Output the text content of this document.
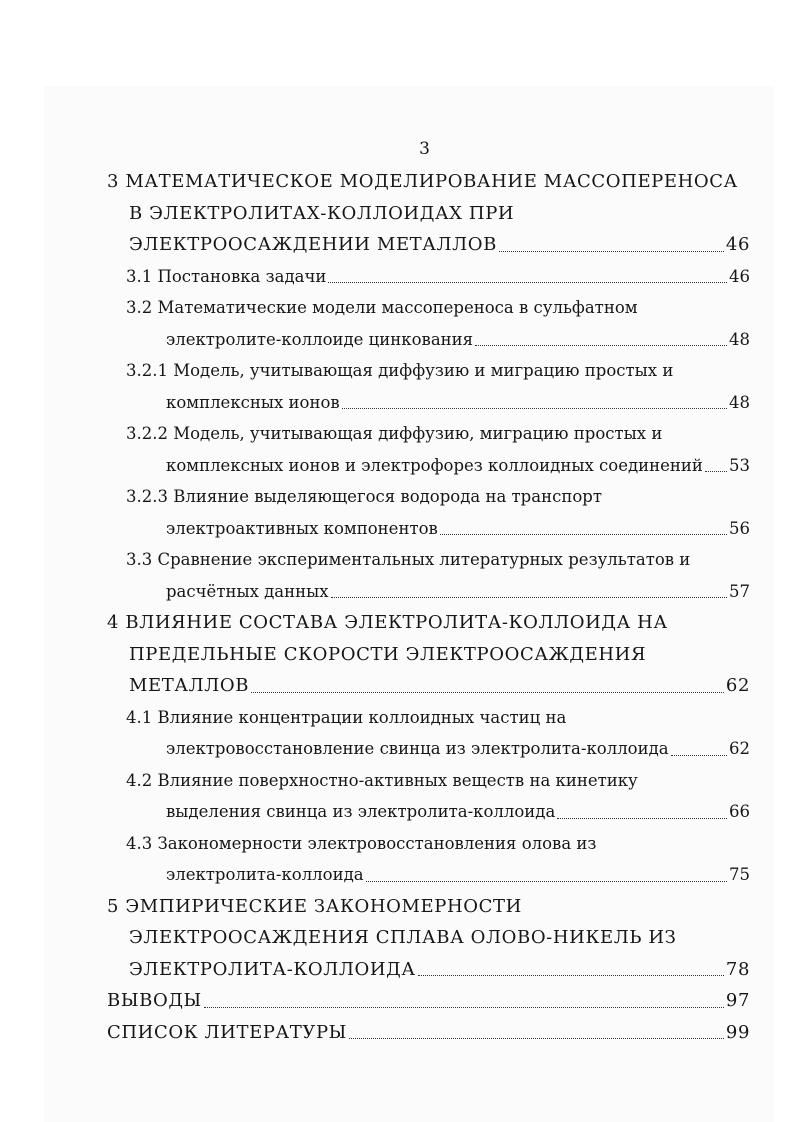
3
3 МАТЕМАТИЧЕСКОЕ МОДЕЛИРОВАНИЕ МАССОПЕРЕНОСА
В ЭЛЕКТРОЛИТАХ-КОЛЛОИДАХ ПРИ
ЭЛЕКТРООСАЖДЕНИИ МЕТАЛЛОВ	46
3.1 Постановка задачи	46
3.2 Математические модели массопереноса в сульфатном
электролите-коллоиде цинкования	48
3.2.1 Модель, учитывающая диффузию и миграцию простых и
комплексных ионов	48
3.2.2 Модель, учитывающая диффузию, миграцию простых и
комплексных ионов и электрофорез коллоидных соединений 53
3.2.3 Влияние выделяющегося водорода на транспорт
электроактивных компонентов	56
3.3 Сравнение экспериментальных литературных результатов и
расчётных данных	57
4 ВЛИЯНИЕ СОСТАВА ЭЛЕКТРОЛИТА-КОЛЛОИДА НА
ПРЕДЕЛЬНЫЕ СКОРОСТИ ЭЛЕКТРООСАЖДЕНИЯ
МЕТАЛЛОВ	62
4.1 Влияние концентрации коллоидных частиц на
электровосстановление свинца из электролита-коллоида	62
4.2 Влияние поверхностно-активных веществ на кинетику
выделения свинца из электролита-коллоида	66
4.3 Закономерности электровосстановления олова из
электролита-коллоида	75
5 ЭМПИРИЧЕСКИЕ ЗАКОНОМЕРНОСТИ
ЭЛЕКТРООСАЖДЕНИЯ СПЛАВА ОЛОВО-НИКЕЛЬ ИЗ
ЭЛЕКТРОЛИТА-КОЛЛОИДА	78
ВЫВОДЫ	97
СПИСОК ЛИТЕРАТУРЫ	99
